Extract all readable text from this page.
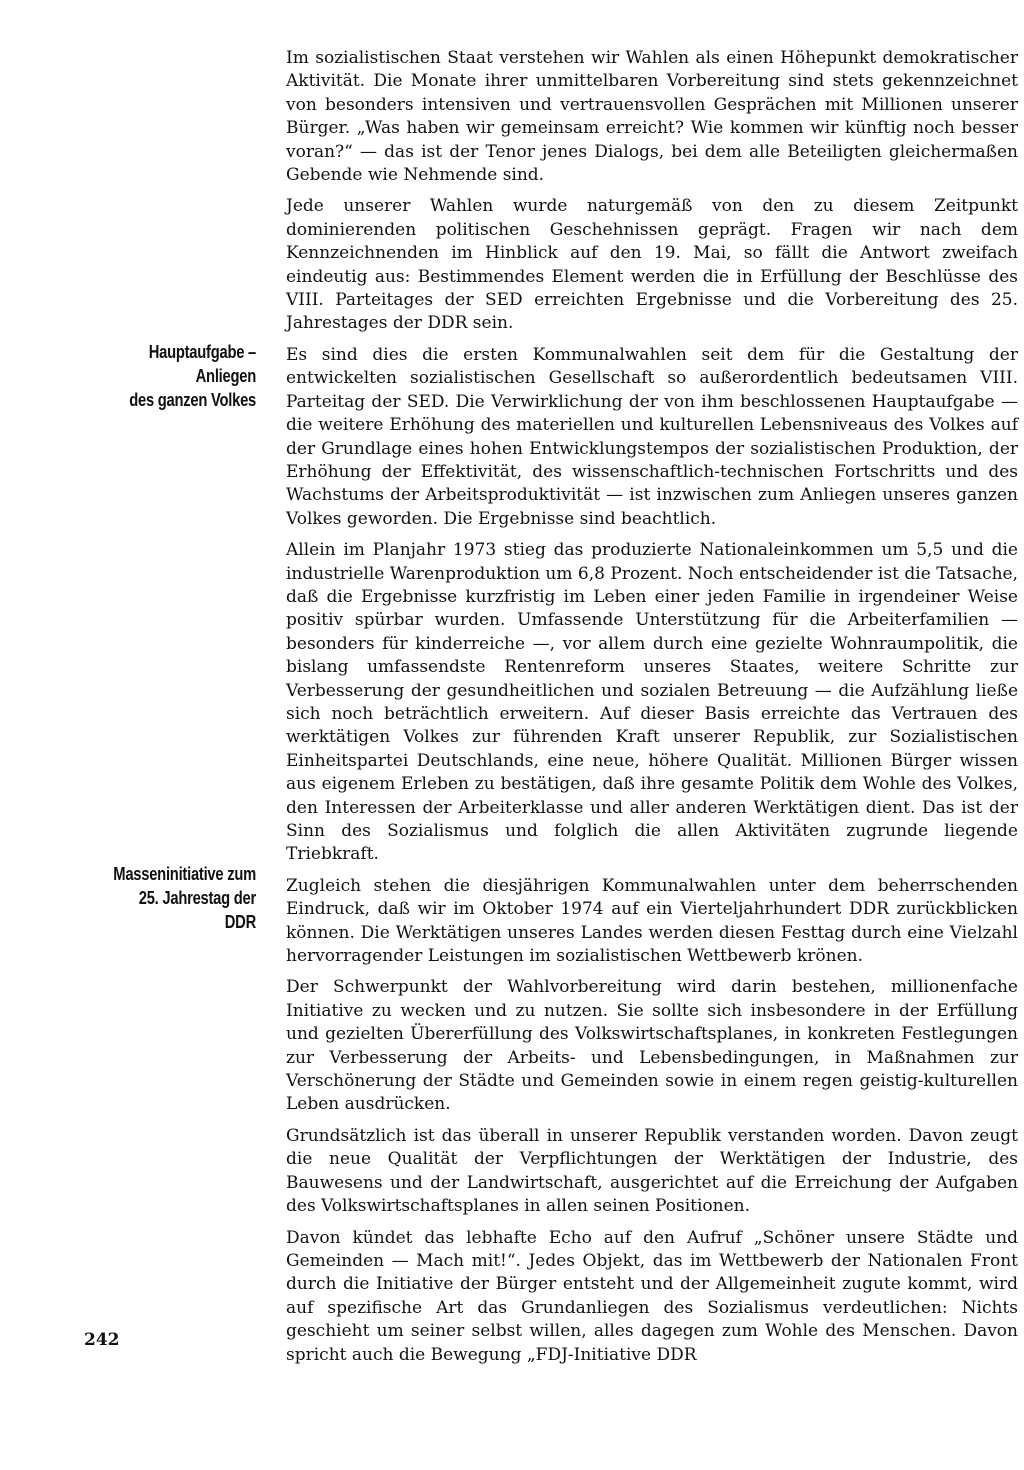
Hauptaufgabe –
Anliegen
des ganzen Volkes
Masseninitiative zum
25. Jahrestag der DDR

Im sozialistischen Staat verstehen wir Wahlen als einen Höhepunkt demokratischer Aktivität. Die Monate ihrer unmittelbaren Vorbereitung sind stets gekennzeichnet von besonders intensiven und vertrauensvollen Gesprächen mit Millionen unserer Bürger. „Was haben wir gemeinsam erreicht? Wie kommen wir künftig noch besser voran?“ — das ist der Tenor jenes Dialogs, bei dem alle Beteiligten gleichermaßen Gebende wie Nehmende sind.

Jede unserer Wahlen wurde naturgemäß von den zu diesem Zeitpunkt dominierenden politischen Geschehnissen geprägt. Fragen wir nach dem Kennzeichnenden im Hinblick auf den 19. Mai, so fällt die Antwort zweifach eindeutig aus: Bestimmendes Element werden die in Erfüllung der Beschlüsse des VIII. Parteitages der SED erreichten Ergebnisse und die Vorbereitung des 25. Jahrestages der DDR sein.

Es sind dies die ersten Kommunalwahlen seit dem für die Gestaltung der entwickelten sozialistischen Gesellschaft so außerordentlich bedeutsamen VIII. Parteitag der SED. Die Verwirklichung der von ihm beschlossenen Hauptaufgabe — die weitere Erhöhung des materiellen und kulturellen Lebensniveaus des Volkes auf der Grundlage eines hohen Entwicklungstempos der sozialistischen Produktion, der Erhöhung der Effektivität, des wissenschaftlich-technischen Fortschritts und des Wachstums der Arbeitsproduktivität — ist inzwischen zum Anliegen unseres ganzen Volkes geworden. Die Ergebnisse sind beachtlich.

Allein im Planjahr 1973 stieg das produzierte Nationaleinkommen um 5,5 und die industrielle Warenproduktion um 6,8 Prozent. Noch entscheidender ist die Tatsache, daß die Ergebnisse kurzfristig im Leben einer jeden Familie in irgendeiner Weise positiv spürbar wurden. Umfassende Unterstützung für die Arbeiterfamilien — besonders für kinderreiche —, vor allem durch eine gezielte Wohnraumpolitik, die bislang umfassendste Rentenreform unseres Staates, weitere Schritte zur Verbesserung der gesundheitlichen und sozialen Betreuung — die Aufzählung ließe sich noch beträchtlich erweitern. Auf dieser Basis erreichte das Vertrauen des werktätigen Volkes zur führenden Kraft unserer Republik, zur Sozialistischen Einheitspartei Deutschlands, eine neue, höhere Qualität. Millionen Bürger wissen aus eigenem Erleben zu bestätigen, daß ihre gesamte Politik dem Wohle des Volkes, den Interessen der Arbeiterklasse und aller anderen Werktätigen dient. Das ist der Sinn des Sozialismus und folglich die allen Aktivitäten zugrunde liegende Triebkraft.

Zugleich stehen die diesjährigen Kommunalwahlen unter dem beherrschenden Eindruck, daß wir im Oktober 1974 auf ein Vierteljahrhundert DDR zurückblicken können. Die Werktätigen unseres Landes werden diesen Festtag durch eine Vielzahl hervorragender Leistungen im sozialistischen Wettbewerb krönen.

Der Schwerpunkt der Wahlvorbereitung wird darin bestehen, millionenfache Initiative zu wecken und zu nutzen. Sie sollte sich insbesondere in der Erfüllung und gezielten Übererfüllung des Volkswirtschaftsplanes, in konkreten Festlegungen zur Verbesserung der Arbeits- und Lebensbedingungen, in Maßnahmen zur Verschönerung der Städte und Gemeinden sowie in einem regen geistig-kulturellen Leben ausdrücken.

Grundsätzlich ist das überall in unserer Republik verstanden worden. Davon zeugt die neue Qualität der Verpflichtungen der Werktätigen der Industrie, des Bauwesens und der Landwirtschaft, ausgerichtet auf die Erreichung der Aufgaben des Volkswirtschaftsplanes in allen seinen Positionen.

Davon kündet das lebhafte Echo auf den Aufruf „Schöner unsere Städte und Gemeinden — Mach mit!“. Jedes Objekt, das im Wettbewerb der Nationalen Front durch die Initiative der Bürger entsteht und der Allgemeinheit zugute kommt, wird auf spezifische Art das Grundanliegen des Sozialismus verdeutlichen: Nichts geschieht um seiner selbst willen, alles dagegen zum Wohle des Menschen. Davon spricht auch die Bewegung „FDJ-Initiative DDR

242
